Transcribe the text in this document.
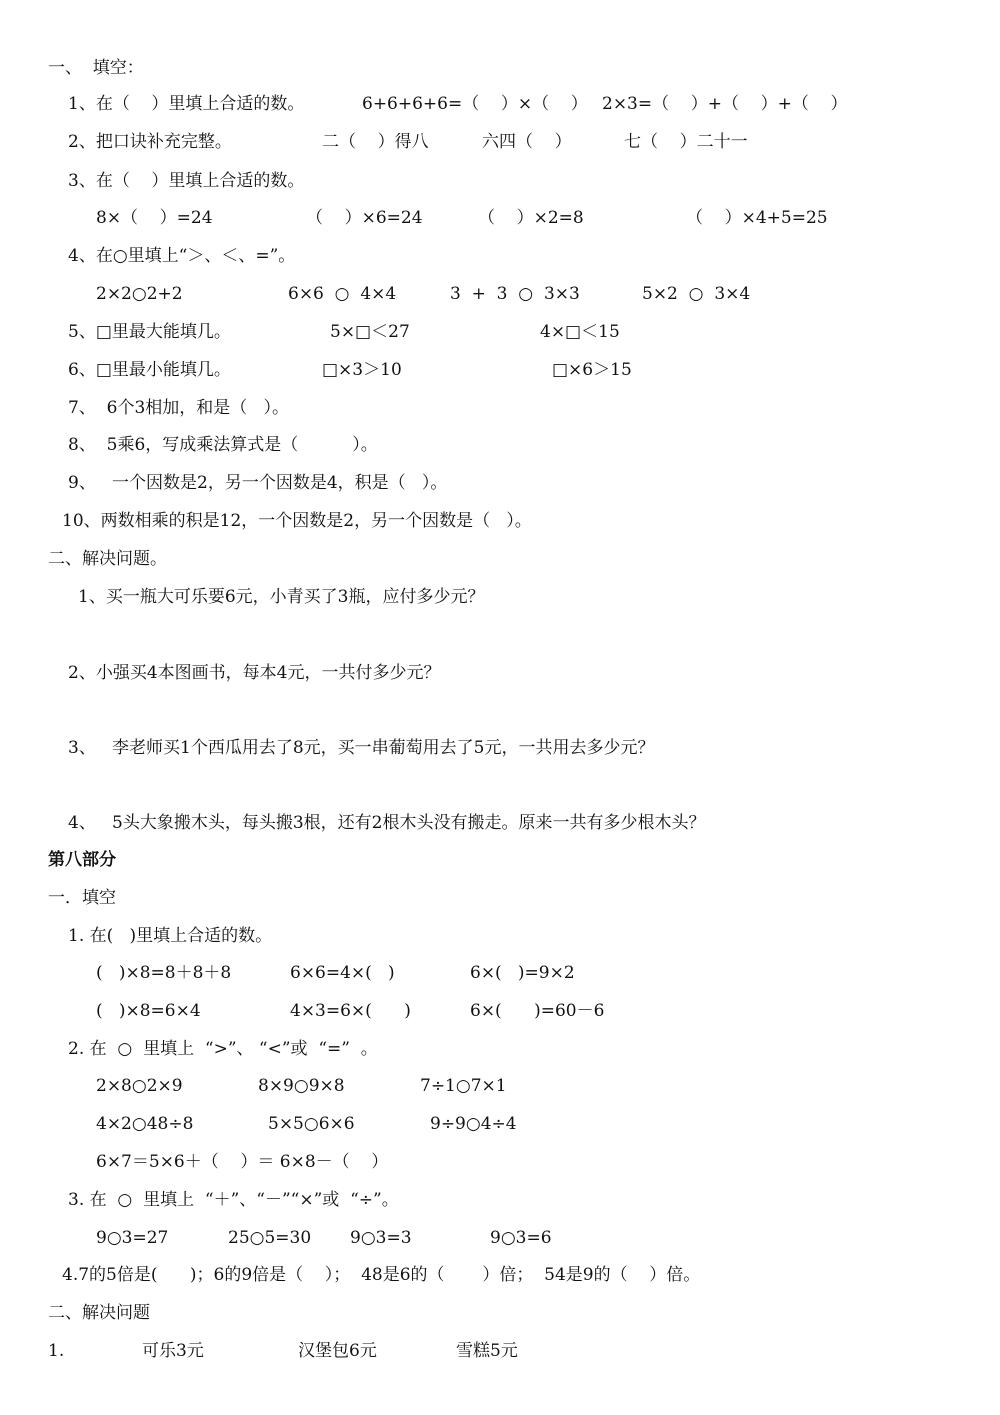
一、  填空：
1、在（    ）里填上合适的数。	6+6+6+6=（    ）×（    ） 2×3=（    ）+（    ）+（    ）
2、把口诀补充完整。	二（    ）得八	六四（    ）	七（    ）二十一
3、在（    ）里填上合适的数。
8×（    ）=24	（    ）×6=24	（    ）×2=8	（    ）×4+5=25
4、在○里填上“＞、＜、=”。
2×2○2+2	6×6  ○  4×4	3  +  3  ○  3×3	5×2  ○  3×4
5、□里最大能填几。	5×□＜27	4×□＜15
6、□里最小能填几。	□×3＞10	□×6＞15
7、  6个3相加，和是（   ）。
8、  5乘6，写成乘法算式是（          ）。
9、   一个因数是2，另一个因数是4，积是（   ）。
10、两数相乘的积是12，一个因数是2，另一个因数是（   ）。
二、解决问题。
1、买一瓶大可乐要6元，小青买了3瓶，应付多少元？
2、小强买4本图画书，每本4元，一共付多少元？
3、   李老师买1个西瓜用去了8元，买一串葡萄用去了5元，一共用去多少元？
4、   5头大象搬木头，每头搬3根，还有2根木头没有搬走。原来一共有多少根木头？
第八部分
一．填空
1. 在(   )里填上合适的数。
(   )×8=8＋8＋8	6×6=4×(   )	6×(   )=9×2
(   )×8=6×4	4×3=6×(      )	6×(      )=60－6
2. 在  ○  里填上  “>”、 “<”或  “=”  。
2×8○2×9	8×9○9×8	7÷1○7×1
4×2○48÷8	5×5○6×6	9÷9○4÷4
6×7＝5×6＋（    ）＝ 6×8－（    ）
3. 在  ○  里填上  “＋”、“－”“×”或  “÷”。
9○3=27	25○5=30 9○3=3	9○3=6
4.7的5倍是(      )；6的9倍是（    ）；  48是6的（       ）倍；  54是9的（    ）倍。
二、解决问题
1.	可乐3元	汉堡包6元	雪糕5元
